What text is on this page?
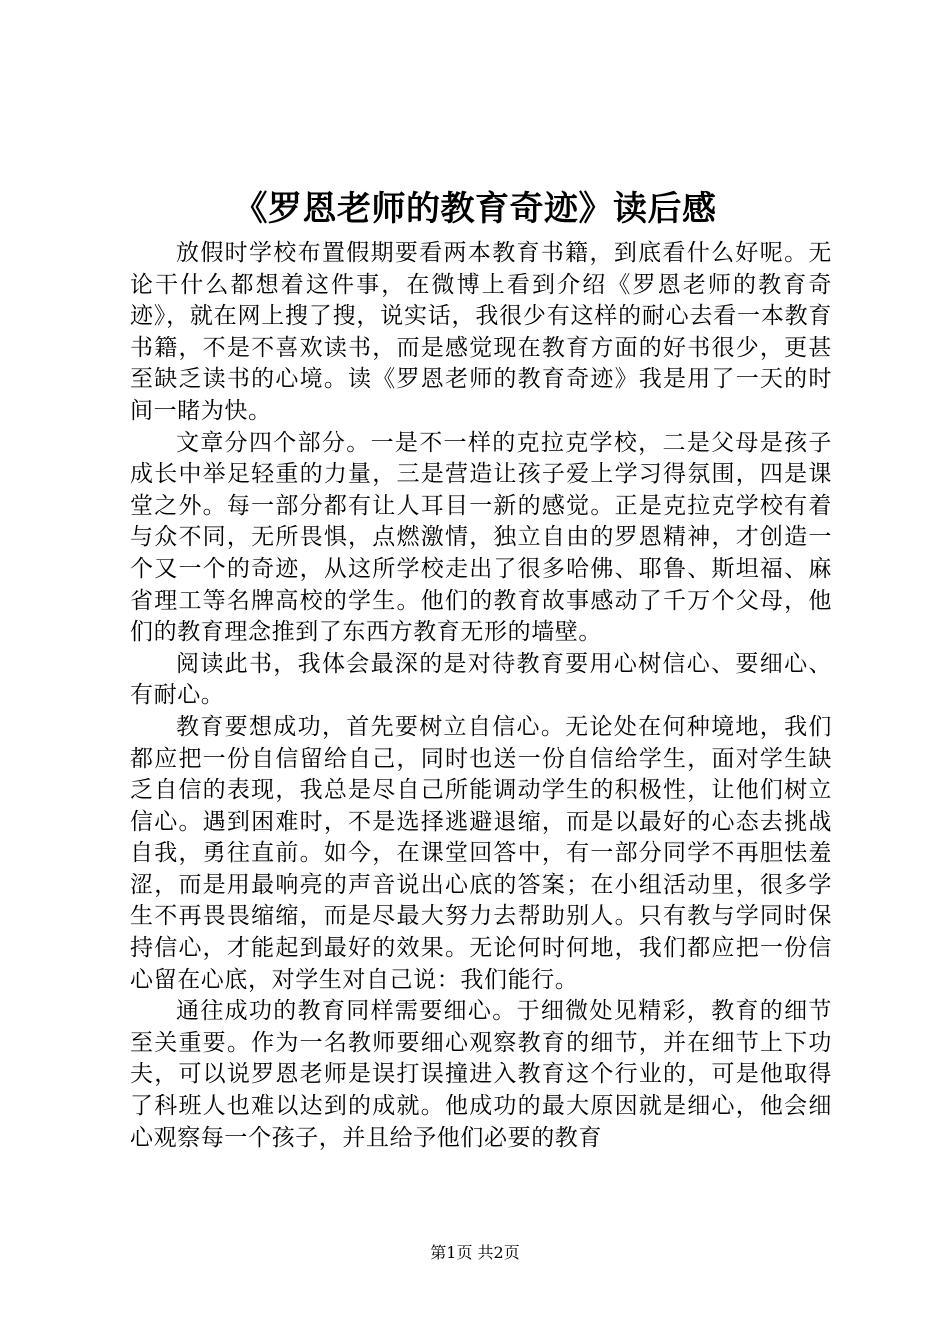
《罗恩老师的教育奇迹》读后感

放假时学校布置假期要看两本教育书籍，到底看什么好呢。无论干什么都想着这件事，在微博上看到介绍《罗恩老师的教育奇迹》，就在网上搜了搜，说实话，我很少有这样的耐心去看一本教育书籍，不是不喜欢读书，而是感觉现在教育方面的好书很少，更甚至缺乏读书的心境。读《罗恩老师的教育奇迹》我是用了一天的时间一睹为快。

文章分四个部分。一是不一样的克拉克学校，二是父母是孩子成长中举足轻重的力量，三是营造让孩子爱上学习得氛围，四是课堂之外。每一部分都有让人耳目一新的感觉。正是克拉克学校有着与众不同，无所畏惧，点燃激情，独立自由的罗恩精神，才创造一个又一个的奇迹，从这所学校走出了很多哈佛、耶鲁、斯坦福、麻省理工等名牌高校的学生。他们的教育故事感动了千万个父母，他们的教育理念推到了东西方教育无形的墙壁。

阅读此书，我体会最深的是对待教育要用心树信心、要细心、有耐心。

教育要想成功，首先要树立自信心。无论处在何种境地，我们都应把一份自信留给自己，同时也送一份自信给学生，面对学生缺乏自信的表现，我总是尽自己所能调动学生的积极性，让他们树立信心。遇到困难时，不是选择逃避退缩，而是以最好的心态去挑战自我，勇往直前。如今，在课堂回答中，有一部分同学不再胆怯羞涩，而是用最响亮的声音说出心底的答案；在小组活动里，很多学生不再畏畏缩缩，而是尽最大努力去帮助别人。只有教与学同时保持信心，才能起到最好的效果。无论何时何地，我们都应把一份信心留在心底，对学生对自己说：我们能行。

通往成功的教育同样需要细心。于细微处见精彩，教育的细节至关重要。作为一名教师要细心观察教育的细节，并在细节上下功夫，可以说罗恩老师是误打误撞进入教育这个行业的，可是他取得了科班人也难以达到的成就。他成功的最大原因就是细心，他会细心观察每一个孩子，并且给予他们必要的教育

第1页 共2页
